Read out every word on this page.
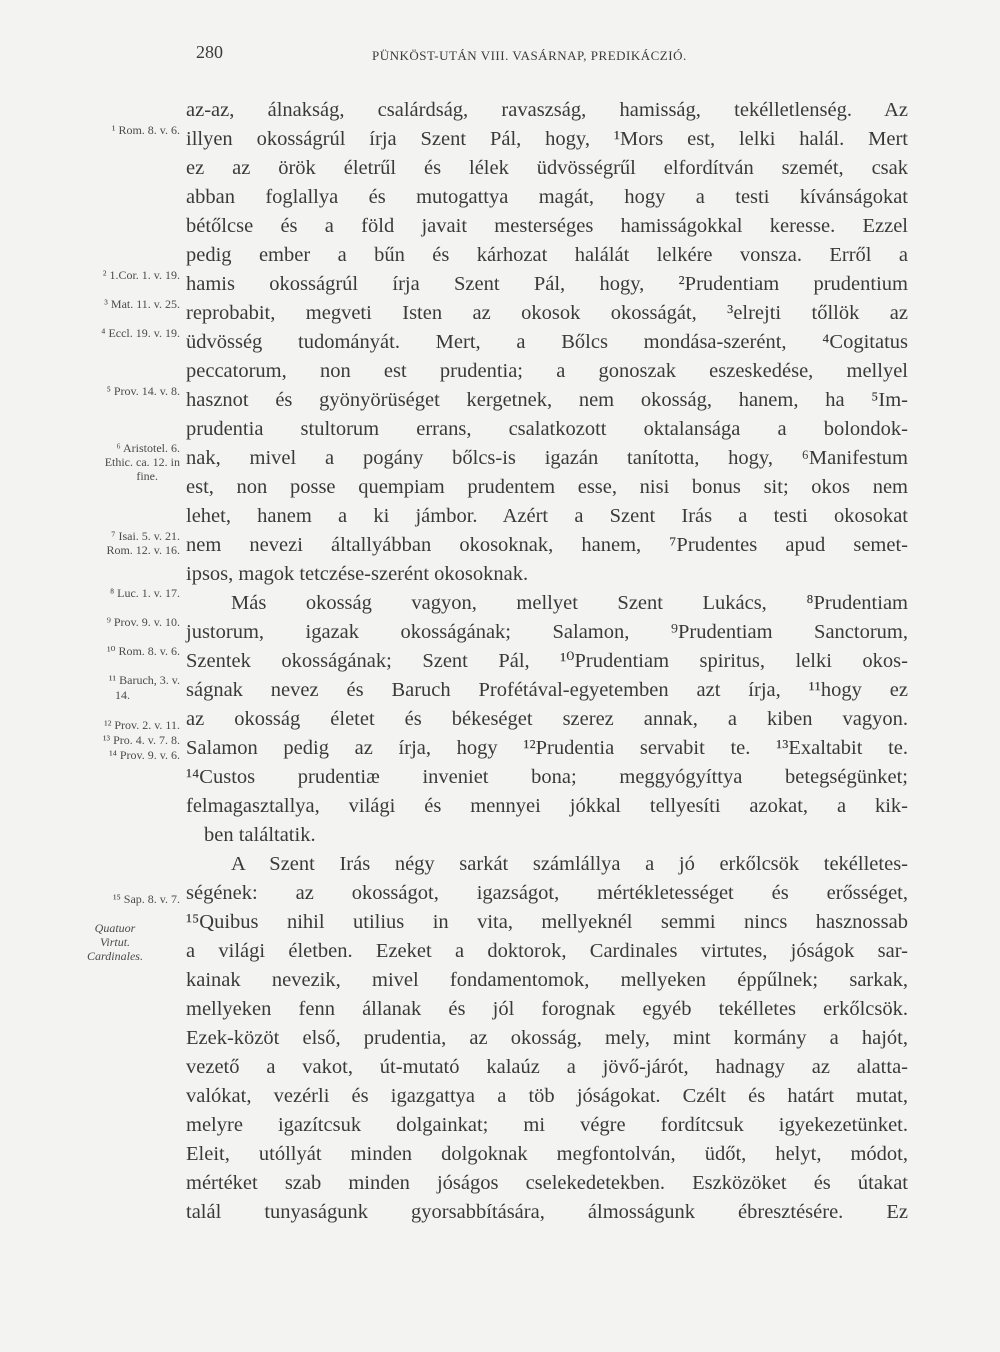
280	PÜNKÖST-UTÁN VIII. VASÁRNAP, PREDIKÁCZIÓ.
¹ Rom. 8. v. 6.
² 1.Cor. 1. v. 19.
³ Mat. 11. v. 25.
⁴ Eccl. 19. v. 19.
⁵ Prov. 14. v. 8.
⁶ Aristotel. 6.
Ethic. ca. 12. in
fine.
⁷ Isai. 5. v. 21.
Rom. 12. v. 16.
⁸ Luc. 1. v. 17.
⁹ Prov. 9. v. 10.
¹⁰ Rom. 8. v. 6.
¹¹ Baruch, 3. v.
14.
¹² Prov. 2. v. 11.
¹³ Pro. 4. v. 7. 8.
¹⁴ Prov. 9. v. 6.
¹⁵ Sap. 8. v. 7.
Quatuor
Virtut.
Cardinales.
az-az, álnakság, csalárdság, ravaszság, hamisság, tekélletlenség. Az
illyen okosságrúl írja Szent Pál, hogy, ¹Mors est, lelki halál. Mert
ez az örök életrűl és lélek üdvösségrűl elfordítván szemét, csak
abban foglallya és mutogattya magát, hogy a testi kívánságokat
bétőlcse és a föld javait mesterséges hamisságokkal keresse. Ezzel
pedig ember a bűn és kárhozat halálát lelkére vonsza. Erről a
hamis okosságrúl írja Szent Pál, hogy, ²Prudentiam prudentium
reprobabit, megveti Isten az okosok okosságát, ³elrejti tőllök az
üdvösség tudományát. Mert, a Bőlcs mondása-szerént, ⁴Cogitatus
peccatorum, non est prudentia; a gonoszak eszeskedése, mellyel
hasznot és gyönyörüséget kergetnek, nem okosság, hanem, ha ⁵Im-
prudentia stultorum errans, csalatkozott oktalansága a bolondok-
nak, mivel a pogány bőlcs-is igazán tanította, hogy, ⁶Manifestum
est, non posse quempiam prudentem esse, nisi bonus sit; okos nem
lehet, hanem a ki jámbor. Azért a Szent Irás a testi okosokat
nem nevezi általlyábban okosoknak, hanem, ⁷Prudentes apud semet-
ipsos, magok tetczése-szerént okosoknak.
Más okosság vagyon, mellyet Szent Lukács, ⁸Prudentiam
justorum, igazak okosságának; Salamon, ⁹Prudentiam Sanctorum,
Szentek okosságának; Szent Pál, ¹⁰Prudentiam spiritus, lelki okos-
ságnak nevez és Baruch Profétával-egyetemben azt írja, ¹¹hogy ez
az okosság életet és békeséget szerez annak, a kiben vagyon.
Salamon pedig az írja, hogy ¹²Prudentia servabit te. ¹³Exaltabit te.
¹⁴Custos prudentiæ inveniet bona; meggyógyíttya betegségünket;
felmagasztallya, világi és mennyei jókkal tellyesíti azokat, a kik-
ben találtatik.
A Szent Irás négy sarkát számlállya a jó erkőlcsök tekélletes-
ségének: az okosságot, igazságot, mértékletességet és erősséget,
¹⁵Quibus nihil utilius in vita, mellyeknél semmi nincs hasznossab
a világi életben. Ezeket a doktorok, Cardinales virtutes, jóságok sar-
kainak nevezik, mivel fondamentomok, mellyeken éppűlnek; sarkak,
mellyeken fenn állanak és jól forognak egyéb tekélletes erkőlcsök.
Ezek-közöt első, prudentia, az okosság, mely, mint kormány a hajót,
vezető a vakot, út-mutató kalaúz a jövő-járót, hadnagy az alatta-
valókat, vezérli és igazgattya a töb jóságokat. Czélt és határt mutat,
melyre igazítcsuk dolgainkat; mi végre fordítcsuk igyekezetünket.
Eleit, utóllyát minden dolgoknak megfontolván, üdőt, helyt, módot,
mértéket szab minden jóságos cselekedetekben. Eszközöket és útakat
talál tunyaságunk gyorsabbítására, álmosságunk ébresztésére. Ez
